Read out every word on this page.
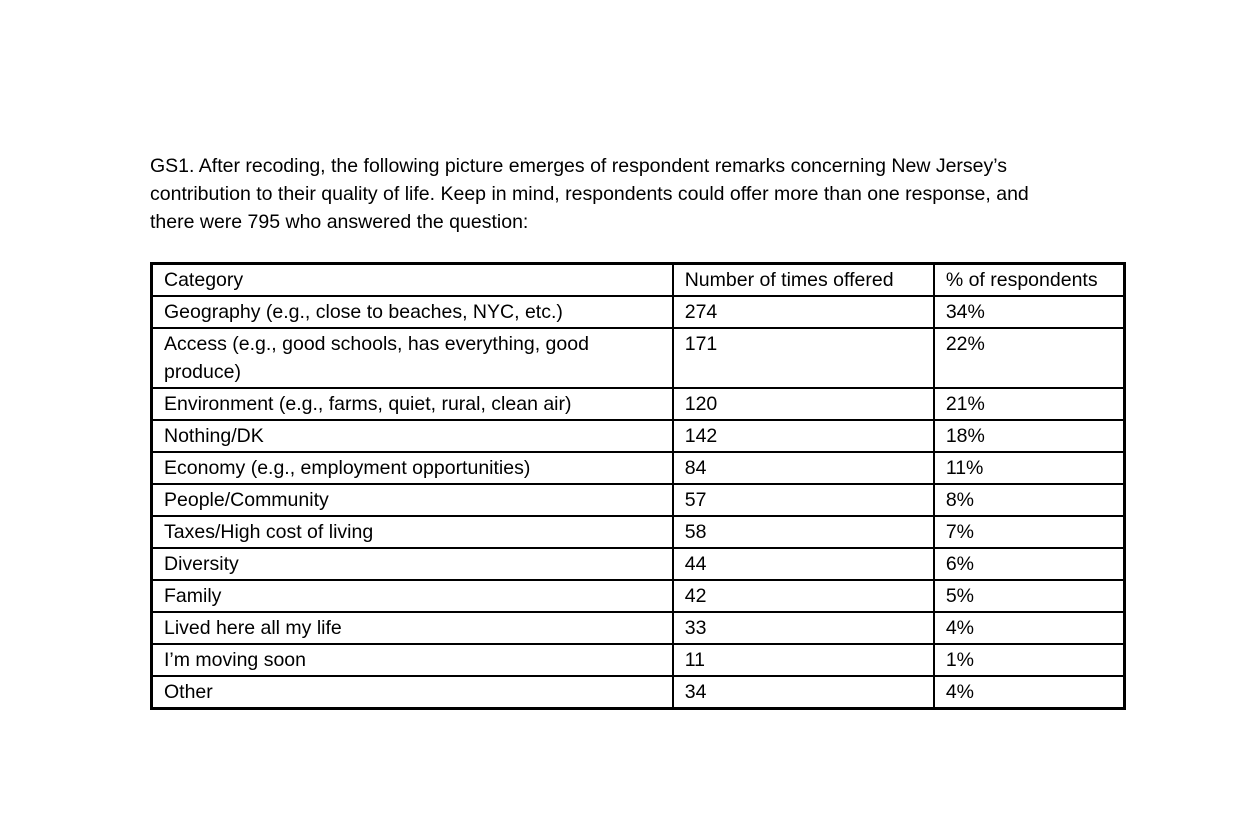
GS1. After recoding, the following picture emerges of respondent remarks concerning New Jersey’s
contribution to their quality of life. Keep in mind, respondents could offer more than one response, and
there were 795 who answered the question:

Category	Number of times offered	% of respondents
Geography (e.g., close to beaches, NYC, etc.)	274	34%
Access (e.g., good schools, has everything, good produce)	171	22%
Environment (e.g., farms, quiet, rural, clean air)	120	21%
Nothing/DK	142	18%
Economy (e.g., employment opportunities)	84	11%
People/Community	57	8%
Taxes/High cost of living	58	7%
Diversity	44	6%
Family	42	5%
Lived here all my life	33	4%
I’m moving soon	11	1%
Other	34	4%
